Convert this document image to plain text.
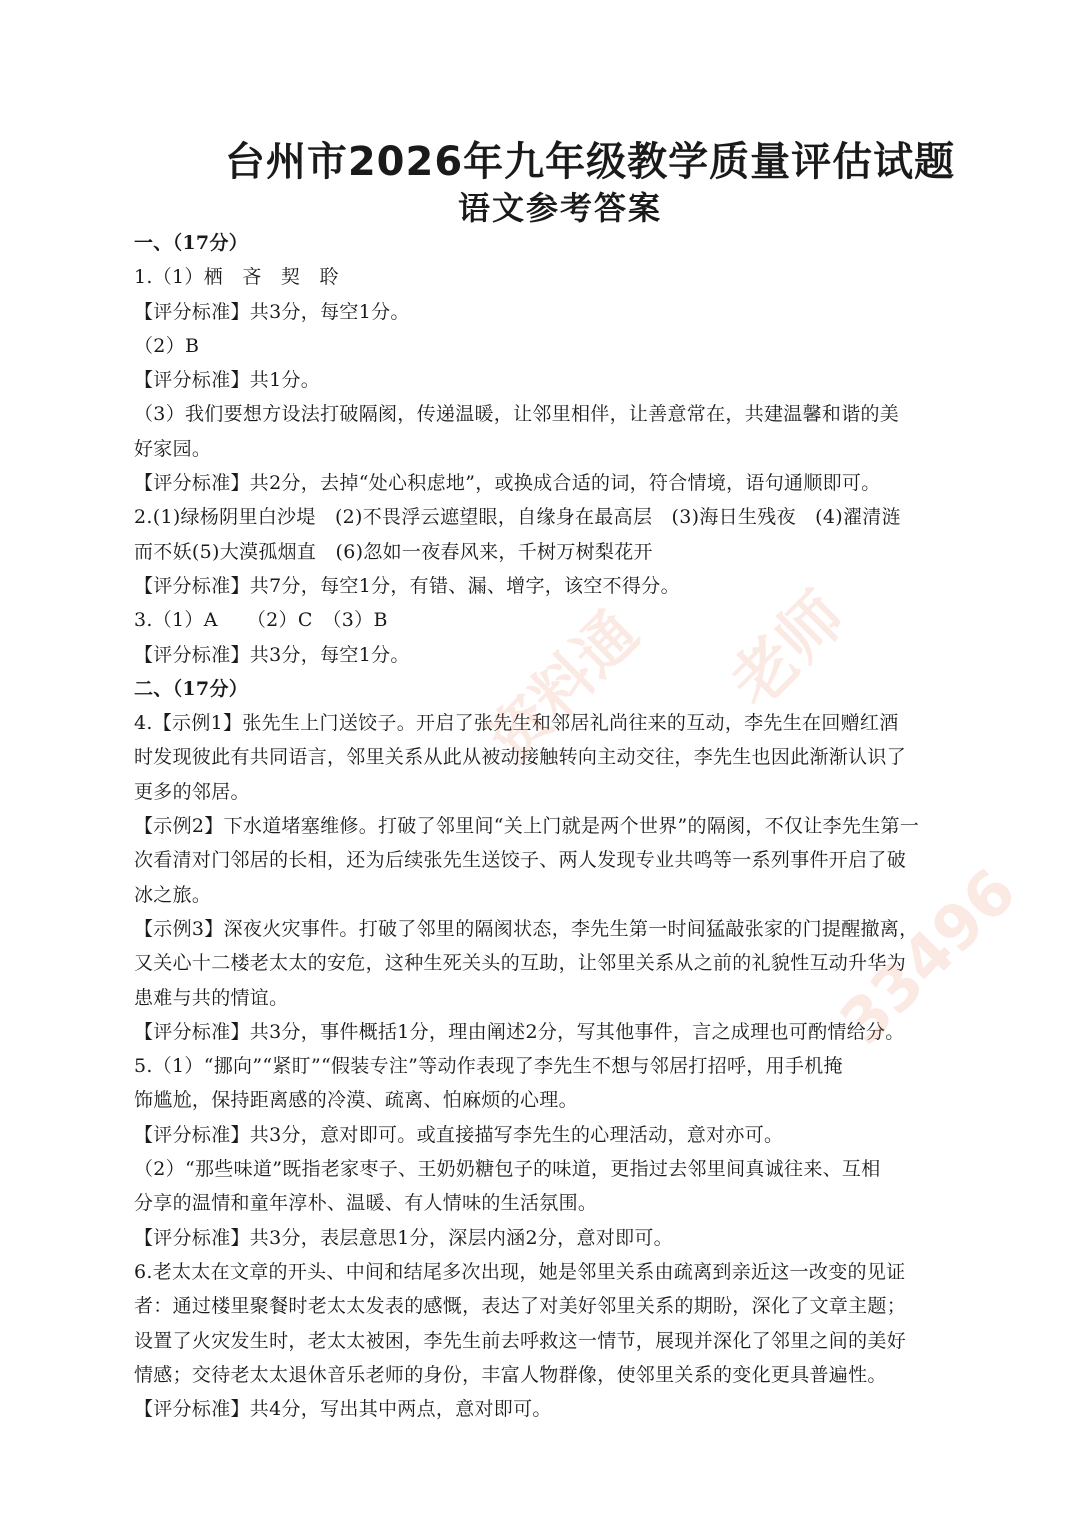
台州市2026年九年级教学质量评估试题
语文参考答案
一、（17分）
1.（1）栖　吝　契　聆
【评分标准】共3分，每空1分。
（2）B
【评分标准】共1分。
（3）我们要想方设法打破隔阂，传递温暖，让邻里相伴，让善意常在，共建温馨和谐的美
好家园。
【评分标准】共2分，去掉“处心积虑地”，或换成合适的词，符合情境，语句通顺即可。
2.(1)绿杨阴里白沙堤　(2)不畏浮云遮望眼，自缘身在最高层　(3)海日生残夜　(4)濯清涟
而不妖(5)大漠孤烟直　(6)忽如一夜春风来，千树万树梨花开
【评分标准】共7分，每空1分，有错、漏、增字，该空不得分。
3.（1）A　　（2）C　（3）B
【评分标准】共3分，每空1分。
二、（17分）
4.【示例1】张先生上门送饺子。开启了张先生和邻居礼尚往来的互动，李先生在回赠红酒
时发现彼此有共同语言，邻里关系从此从被动接触转向主动交往，李先生也因此渐渐认识了
更多的邻居。
【示例2】下水道堵塞维修。打破了邻里间“关上门就是两个世界”的隔阂，不仅让李先生第一
次看清对门邻居的长相，还为后续张先生送饺子、两人发现专业共鸣等一系列事件开启了破
冰之旅。
【示例3】深夜火灾事件。打破了邻里的隔阂状态，李先生第一时间猛敲张家的门提醒撤离，
又关心十二楼老太太的安危，这种生死关头的互助，让邻里关系从之前的礼貌性互动升华为
患难与共的情谊。
【评分标准】共3分，事件概括1分，理由阐述2分，写其他事件，言之成理也可酌情给分。
5.（1）“挪向”“紧盯”“假装专注”等动作表现了李先生不想与邻居打招呼，用手机掩
饰尴尬，保持距离感的冷漠、疏离、怕麻烦的心理。
【评分标准】共3分，意对即可。或直接描写李先生的心理活动，意对亦可。
（2）“那些味道”既指老家枣子、王奶奶糖包子的味道，更指过去邻里间真诚往来、互相
分享的温情和童年淳朴、温暖、有人情味的生活氛围。
【评分标准】共3分，表层意思1分，深层内涵2分，意对即可。
6.老太太在文章的开头、中间和结尾多次出现，她是邻里关系由疏离到亲近这一改变的见证
者：通过楼里聚餐时老太太发表的感慨，表达了对美好邻里关系的期盼，深化了文章主题；
设置了火灾发生时，老太太被困，李先生前去呼救这一情节，展现并深化了邻里之间的美好
情感；交待老太太退休音乐老师的身份，丰富人物群像，使邻里关系的变化更具普遍性。
【评分标准】共4分，写出其中两点，意对即可。
资料通 老师
33496
